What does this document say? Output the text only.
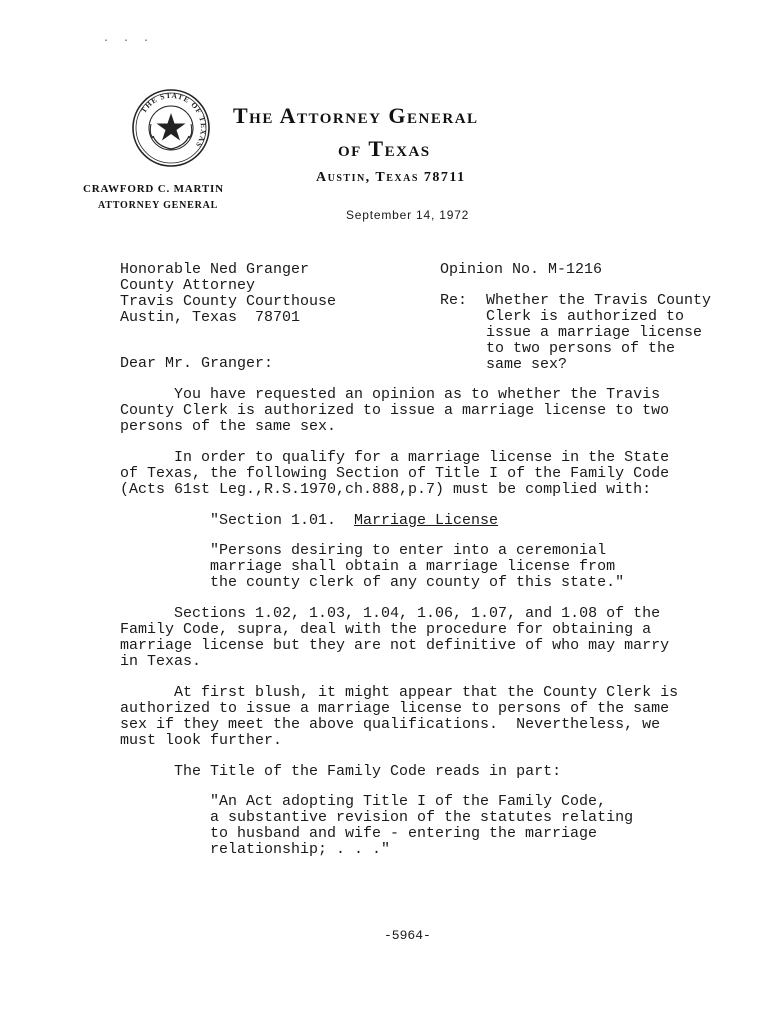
· · ·
THE STATE OF TEXAS
The Attorney General
of Texas
Austin, Texas 78711
CRAWFORD C. MARTIN
ATTORNEY GENERAL
September 14, 1972
Honorable Ned Granger
County Attorney
Travis County Courthouse
Austin, Texas  78701
Opinion No. M-1216
Re: Whether the Travis County
Clerk is authorized to
issue a marriage license
to two persons of the
same sex?
Dear Mr. Granger:
You have requested an opinion as to whether the Travis
County Clerk is authorized to issue a marriage license to two
persons of the same sex.
In order to qualify for a marriage license in the State
of Texas, the following Section of Title I of the Family Code
(Acts 61st Leg.,R.S.1970,ch.888,p.7) must be complied with:
"Section 1.01.  Marriage License
"Persons desiring to enter into a ceremonial
marriage shall obtain a marriage license from
the county clerk of any county of this state."
Sections 1.02, 1.03, 1.04, 1.06, 1.07, and 1.08 of the
Family Code, supra, deal with the procedure for obtaining a
marriage license but they are not definitive of who may marry
in Texas.
At first blush, it might appear that the County Clerk is
authorized to issue a marriage license to persons of the same
sex if they meet the above qualifications.  Nevertheless, we
must look further.
The Title of the Family Code reads in part:
"An Act adopting Title I of the Family Code,
a substantive revision of the statutes relating
to husband and wife - entering the marriage
relationship; . . ."
-5964-
